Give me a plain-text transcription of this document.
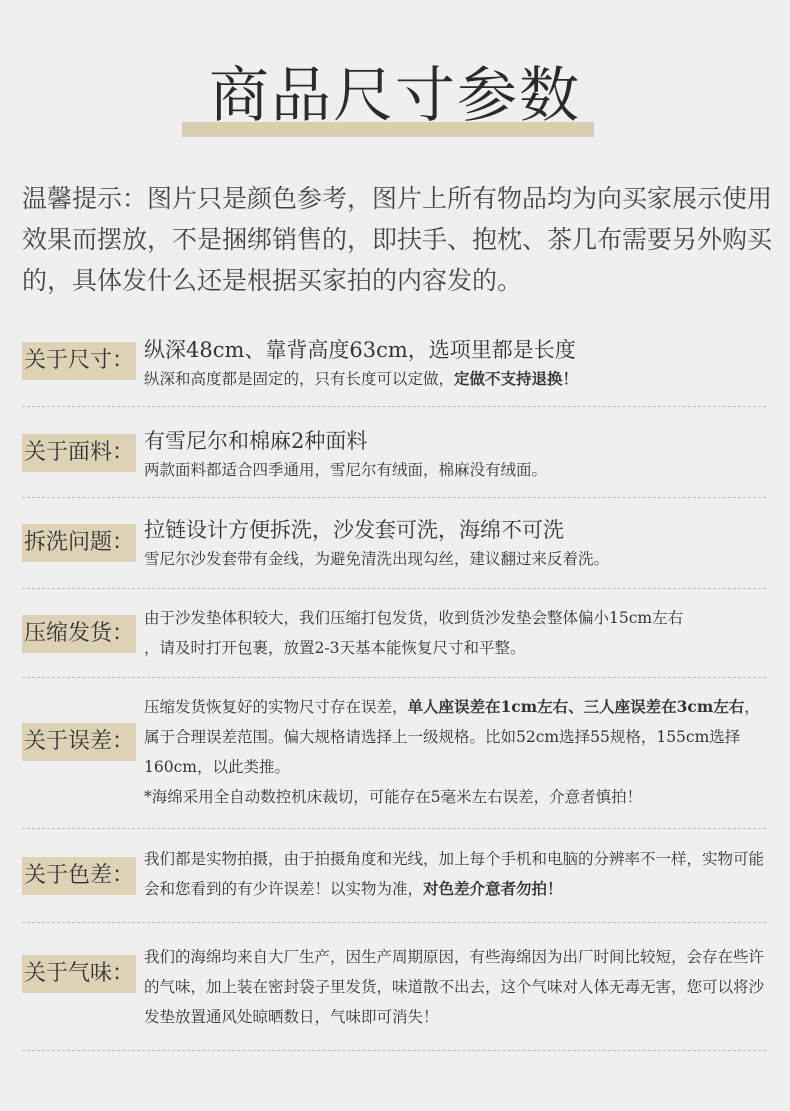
商品尺寸参数
温馨提示：图片只是颜色参考，图片上所有物品均为向买家展示使用效果而摆放，不是捆绑销售的，即扶手、抱枕、茶几布需要另外购买的，具体发什么还是根据买家拍的内容发的。
关于尺寸： 纵深48cm、靠背高度63cm，选项里都是长度
纵深和高度都是固定的，只有长度可以定做，定做不支持退换！
关于面料： 有雪尼尔和棉麻2种面料
两款面料都适合四季通用，雪尼尔有绒面，棉麻没有绒面。
拆洗问题： 拉链设计方便拆洗，沙发套可洗，海绵不可洗
雪尼尔沙发套带有金线，为避免清洗出现勾丝，建议翻过来反着洗。
压缩发货：
由于沙发垫体积较大，我们压缩打包发货，收到货沙发垫会整体偏小15cm左右
，请及时打开包裹，放置2-3天基本能恢复尺寸和平整。
关于误差：
压缩发货恢复好的实物尺寸存在误差，单人座误差在1cm左右、三人座误差在3cm左右，属于合理误差范围。偏大规格请选择上一级规格。比如52cm选择55规格，155cm选择160cm，以此类推。
*海绵采用全自动数控机床裁切，可能存在5毫米左右误差，介意者慎拍！
关于色差：
我们都是实物拍摄，由于拍摄角度和光线，加上每个手机和电脑的分辨率不一样，实物可能会和您看到的有少许误差！以实物为准，对色差介意者勿拍！
关于气味：
我们的海绵均来自大厂生产，因生产周期原因，有些海绵因为出厂时间比较短，会存在些许的气味，加上装在密封袋子里发货，味道散不出去，这个气味对人体无毒无害，您可以将沙发垫放置通风处晾晒数日，气味即可消失！
